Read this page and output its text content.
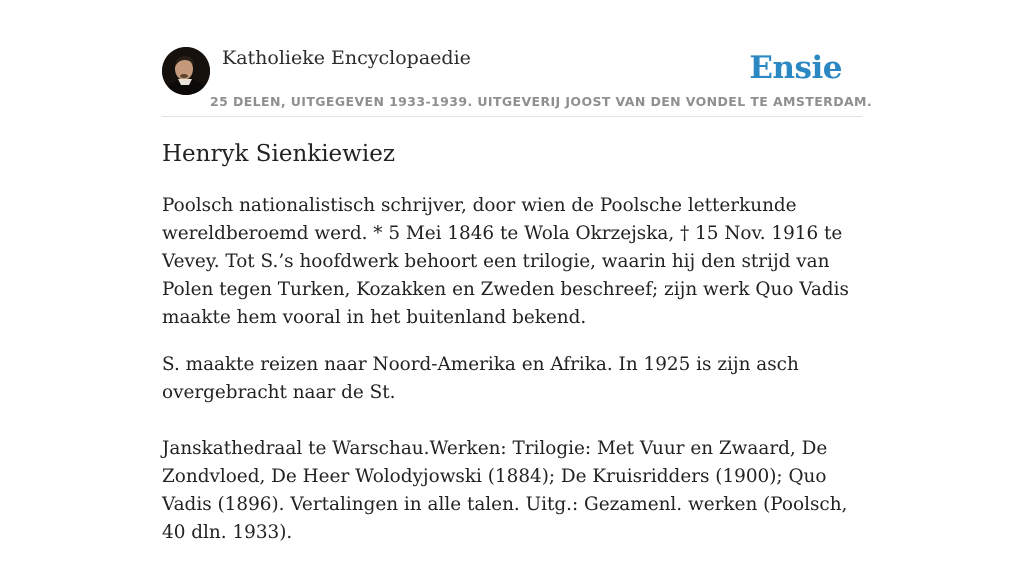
Katholieke Encyclopaedie	Ensie
25 DELEN, UITGEGEVEN 1933-1939. UITGEVERIJ JOOST VAN DEN VONDEL TE AMSTERDAM.
Henryk Sienkiewiez

Poolsch nationalistisch schrijver, door wien de Poolsche letterkunde wereldberoemd werd. * 5 Mei 1846 te Wola Okrzejska, † 15 Nov. 1916 te Vevey. Tot S.’s hoofdwerk behoort een trilogie, waarin hij den strijd van Polen tegen Turken, Kozakken en Zweden beschreef; zijn werk Quo Vadis maakte hem vooral in het buitenland bekend.

S. maakte reizen naar Noord-Amerika en Afrika. In 1925 is zijn asch overgebracht naar de St.

Janskathedraal te Warschau.Werken: Trilogie: Met Vuur en Zwaard, De Zondvloed, De Heer Wolodyjowski (1884); De Kruisridders (1900); Quo Vadis (1896). Vertalingen in alle talen. Uitg.: Gezamenl. werken (Poolsch, 40 dln. 1933).
